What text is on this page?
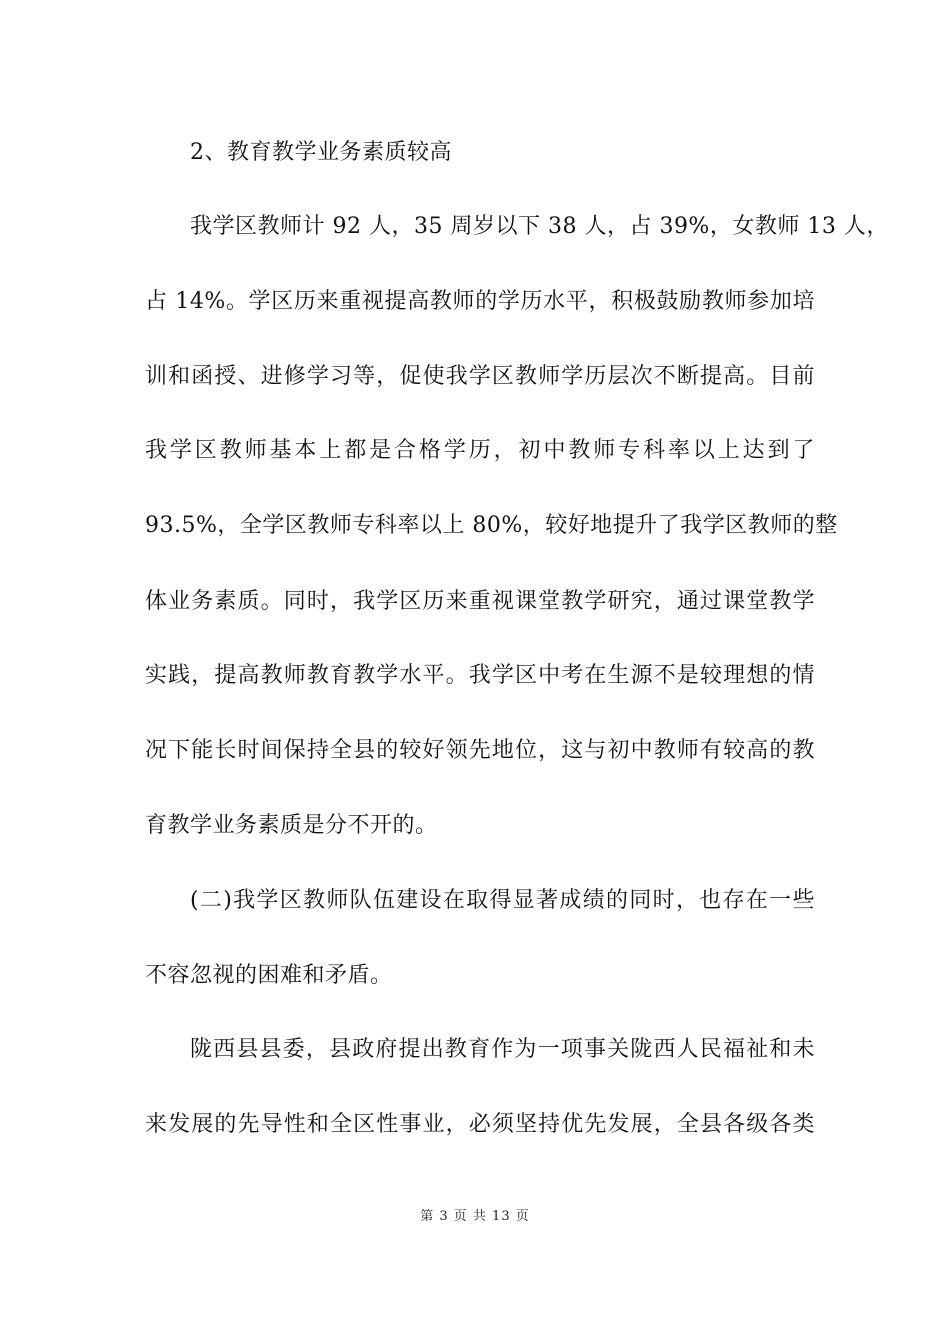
2、教育教学业务素质较高
我学区教师计 92 人，35 周岁以下 38 人，占 39%，女教师 13 人，
占 14%。学区历来重视提高教师的学历水平，积极鼓励教师参加培
训和函授、进修学习等，促使我学区教师学历层次不断提高。目前
我学区教师基本上都是合格学历，初中教师专科率以上达到了
93.5%，全学区教师专科率以上 80%，较好地提升了我学区教师的整
体业务素质。同时，我学区历来重视课堂教学研究，通过课堂教学
实践，提高教师教育教学水平。我学区中考在生源不是较理想的情
况下能长时间保持全县的较好领先地位，这与初中教师有较高的教
育教学业务素质是分不开的。
(二)我学区教师队伍建设在取得显著成绩的同时，也存在一些
不容忽视的困难和矛盾。
陇西县县委，县政府提出教育作为一项事关陇西人民福祉和未
来发展的先导性和全区性事业，必须坚持优先发展，全县各级各类
第 3 页 共 13 页
